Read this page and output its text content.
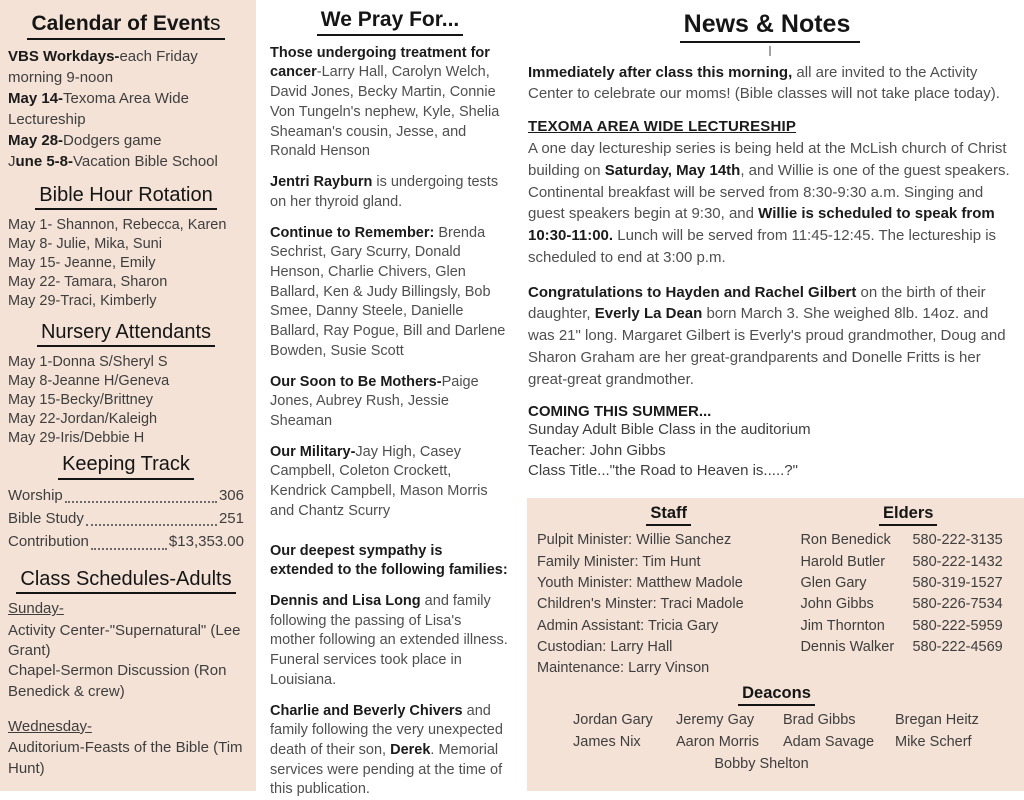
Calendar of Events
VBS Workdays-each Friday morning 9-noon
May 14-Texoma Area Wide Lectureship
May 28-Dodgers game
June 5-8-Vacation Bible School
Bible Hour Rotation
May 1- Shannon, Rebecca, Karen
May 8- Julie, Mika, Suni
May 15- Jeanne, Emily
May 22- Tamara, Sharon
May 29-Traci, Kimberly
Nursery Attendants
May 1-Donna S/Sheryl S
May 8-Jeanne H/Geneva
May 15-Becky/Brittney
May 22-Jordan/Kaleigh
May 29-Iris/Debbie H
Keeping Track
Worship	306
Bible Study	251
Contribution	$13,353.00
Class Schedules-Adults
Sunday-
Activity Center-"Supernatural" (Lee Grant)
Chapel-Sermon Discussion (Ron Benedick & crew)
Wednesday-
Auditorium-Feasts of the Bible (Tim Hunt)
We Pray For...
Those undergoing treatment for cancer-Larry Hall, Carolyn Welch, David Jones, Becky Martin, Connie Von Tungeln's nephew, Kyle, Shelia Sheaman's cousin, Jesse, and Ronald Henson
Jentri Rayburn is undergoing tests on her thyroid gland.
Continue to Remember: Brenda Sechrist, Gary Scurry, Donald Henson, Charlie Chivers, Glen Ballard, Ken & Judy Billingsly, Bob Smee, Danny Steele, Danielle Ballard, Ray Pogue, Bill and Darlene Bowden, Susie Scott
Our Soon to Be Mothers-Paige Jones, Aubrey Rush, Jessie Sheaman
Our Military-Jay High, Casey Campbell, Coleton Crockett, Kendrick Campbell, Mason Morris and Chantz Scurry
Our deepest sympathy is extended to the following families:
Dennis and Lisa Long and family following the passing of Lisa's mother following an extended illness. Funeral services took place in Louisiana.
Charlie and Beverly Chivers and family following the very unexpected death of their son, Derek. Memorial services were pending at the time of this publication.
News & Notes
Immediately after class this morning, all are invited to the Activity Center to celebrate our moms! (Bible classes will not take place today).
TEXOMA AREA WIDE LECTURESHIP
A one day lectureship series is being held at the McLish church of Christ building on Saturday, May 14th, and Willie is one of the guest speakers. Continental breakfast will be served from 8:30-9:30 a.m. Singing and guest speakers begin at 9:30, and Willie is scheduled to speak from 10:30-11:00. Lunch will be served from 11:45-12:45. The lectureship is scheduled to end at 3:00 p.m.
Congratulations to Hayden and Rachel Gilbert on the birth of their daughter, Everly La Dean born March 3. She weighed 8lb. 14oz. and was 21" long. Margaret Gilbert is Everly's proud grandmother, Doug and Sharon Graham are her great-grandparents and Donelle Fritts is her great-great grandmother.
COMING THIS SUMMER...
Sunday Adult Bible Class in the auditorium
Teacher: John Gibbs
Class Title..."the Road to Heaven is.....?"
Staff
Pulpit Minister: Willie Sanchez
Family Minister: Tim Hunt
Youth Minister: Matthew Madole
Children's Minster: Traci Madole
Admin Assistant: Tricia Gary
Custodian: Larry Hall
Maintenance: Larry Vinson
Elders
Ron Benedick	580-222-3135
Harold Butler	580-222-1432
Glen Gary	580-319-1527
John Gibbs	580-226-7534
Jim Thornton	580-222-5959
Dennis Walker	580-222-4569
Deacons
Jordan Gary	Jeremy Gay	Brad Gibbs	Bregan Heitz
James Nix	Aaron Morris	Adam Savage	Mike Scherf
Bobby Shelton
